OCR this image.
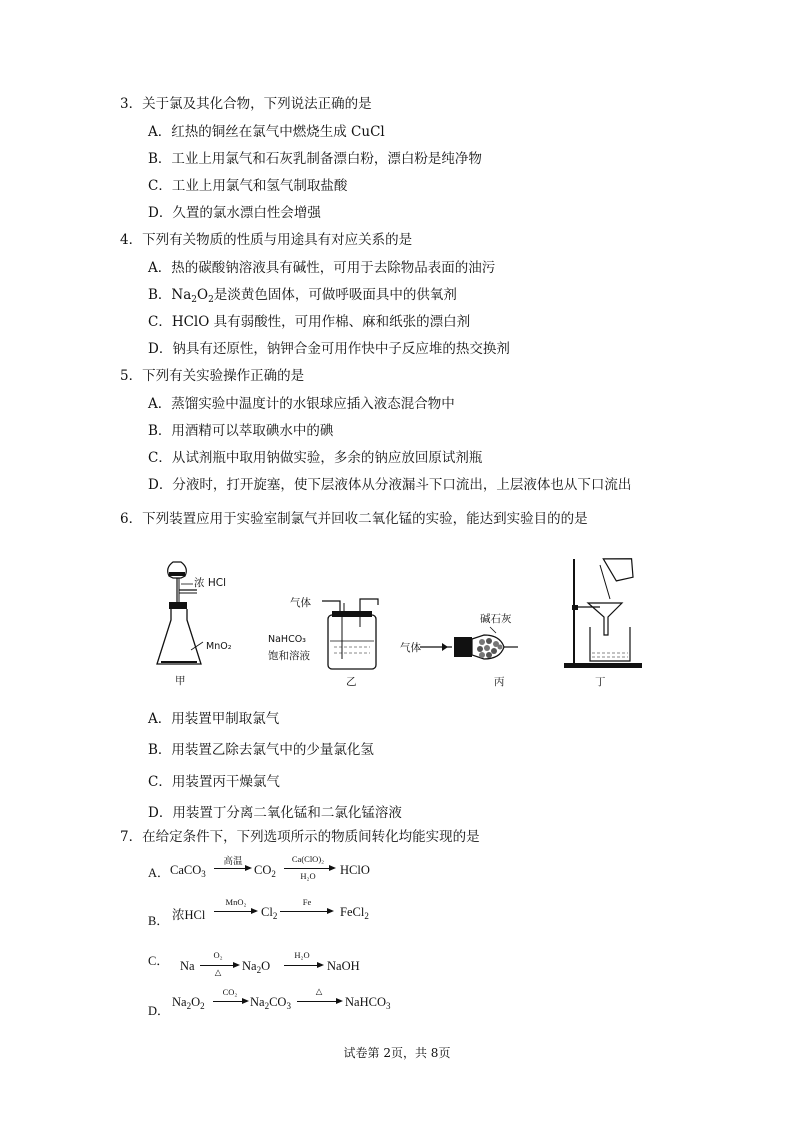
3．关于氯及其化合物，下列说法正确的是
A．红热的铜丝在氯气中燃烧生成 CuCl
B．工业上用氯气和石灰乳制备漂白粉，漂白粉是纯净物
C．工业上用氯气和氢气制取盐酸
D．久置的氯水漂白性会增强
4．下列有关物质的性质与用途具有对应关系的是
A．热的碳酸钠溶液具有碱性，可用于去除物品表面的油污
B．$Na_2O_2$是淡黄色固体，可做呼吸面具中的供氧剂
C．HClO 具有弱酸性，可用作棉、麻和纸张的漂白剂
D．钠具有还原性，钠钾合金可用作快中子反应堆的热交换剂
5．下列有关实验操作正确的是
A．蒸馏实验中温度计的水银球应插入液态混合物中
B．用酒精可以萃取碘水中的碘
C．从试剂瓶中取用钠做实验，多余的钠应放回原试剂瓶
D．分液时，打开旋塞，使下层液体从分液漏斗下口流出，上层液体也从下口流出
6．下列装置应用于实验室制氯气并回收二氧化锰的实验，能达到实验目的的是
浓 HCl
MnO₂
甲
气体
NaHCO₃
饱和溶液
乙
气体
碱石灰
丙	丁
A．用装置甲制取氯气
B．用装置乙除去氯气中的少量氯化氢
C．用装置丙干燥氯气
D．用装置丁分离二氧化锰和二氯化锰溶液
7．在给定条件下，下列选项所示的物质间转化均能实现的是
A． CaCO$_3$
高温
$CO_2$
Ca(ClO)₂
H₂O	HClO
B． 浓HCl
MnO₂
$Cl_2$
Fe
FeCl$_2$
C． Na
O₂
△	$Na_2O$
H₂O
NaOH
D．
$Na_2O_2$
CO₂
$Na_2CO_3$
△
NaHCO$_3$
试卷第 2页，共 8页
